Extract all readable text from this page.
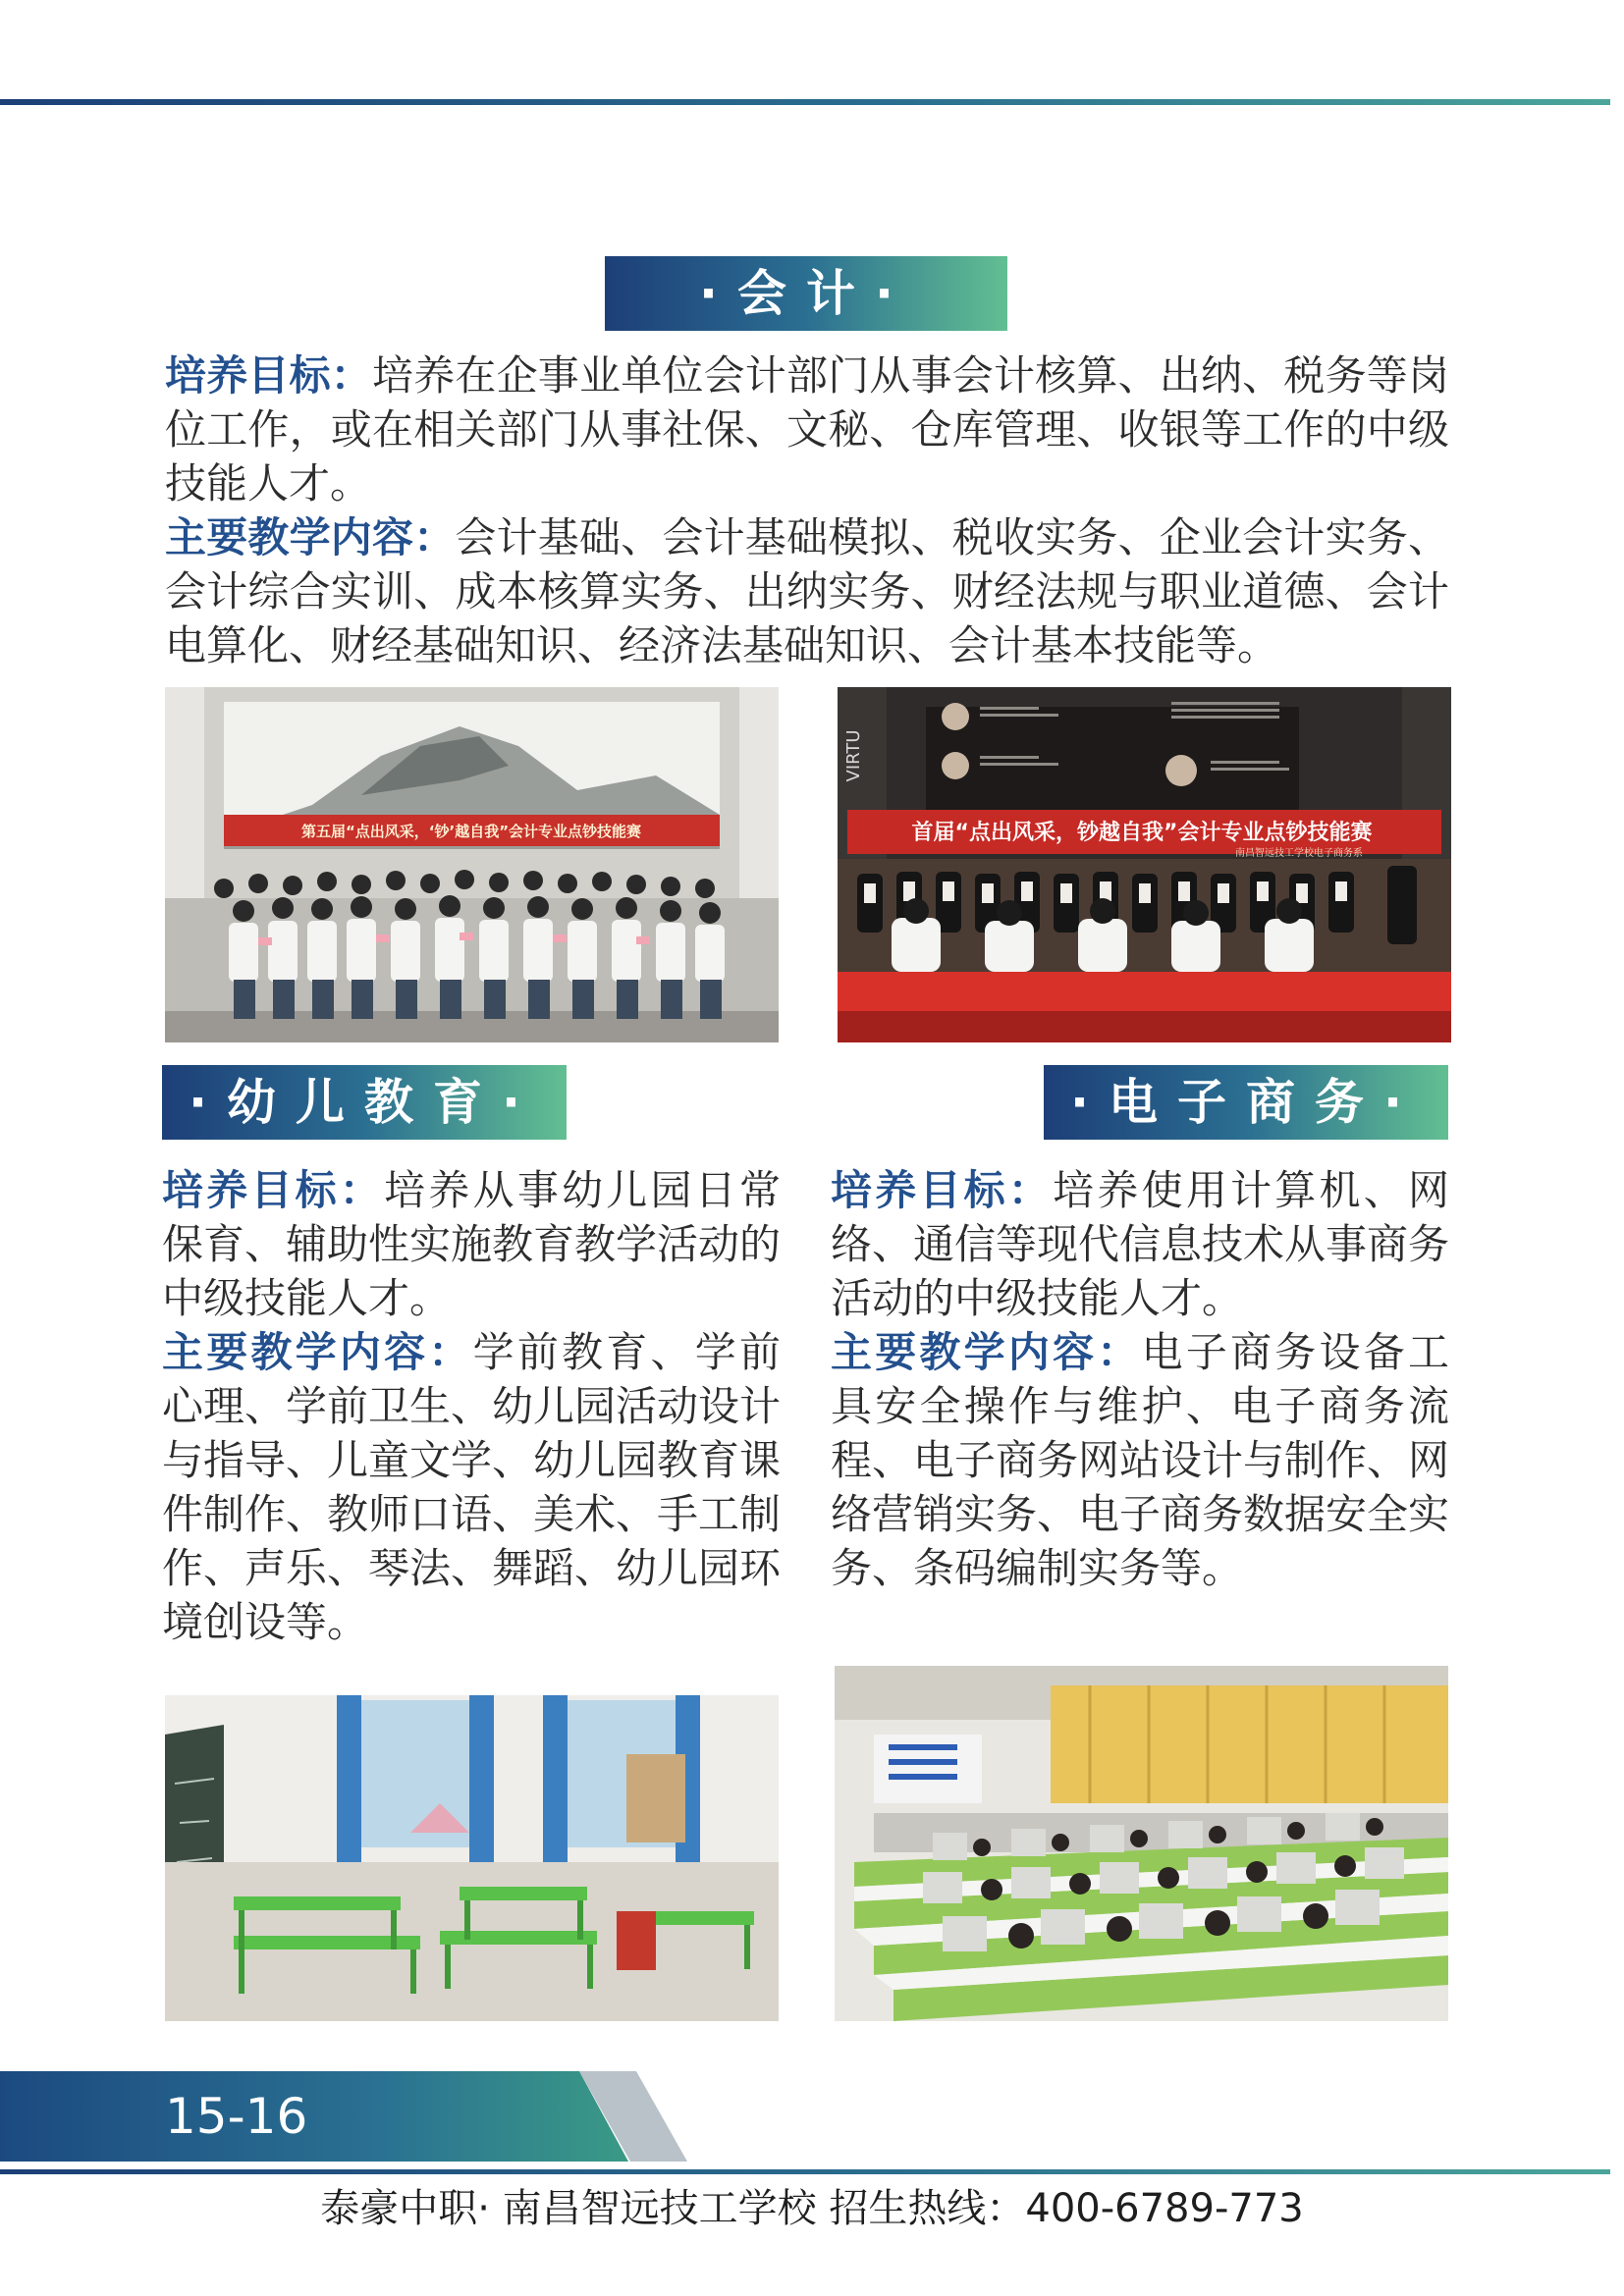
·会计·

培养目标：培养在企事业单位会计部门从事会计核算、出纳、税务等岗位工作，或在相关部门从事社保、文秘、仓库管理、收银等工作的中级技能人才。

主要教学内容：会计基础、会计基础模拟、税收实务、企业会计实务、会计综合实训、成本核算实务、出纳实务、财经法规与职业道德、会计电算化、财经基础知识、经济法基础知识、会计基本技能等。

第五届“点出风采，‘钞’越自我”会计专业点钞技能赛
VIRTU
首届“点出风采，钞越自我”会计专业点钞技能赛
南昌智远技工学校电子商务系
·幼儿教育·

培养目标：培养从事幼儿园日常保育、辅助性实施教育教学活动的中级技能人才。

主要教学内容：学前教育、学前心理、学前卫生、幼儿园活动设计与指导、儿童文学、幼儿园教育课件制作、教师口语、美术、手工制作、声乐、琴法、舞蹈、幼儿园环境创设等。

·电子商务·

培养目标：培养使用计算机、网络、通信等现代信息技术从事商务活动的中级技能人才。

主要教学内容：电子商务设备工具安全操作与维护、电子商务流程、电子商务网站设计与制作、网络营销实务、电子商务数据安全实务、条码编制实务等。

15-16
泰豪中职· 南昌智远技工学校 招生热线：400-6789-773
